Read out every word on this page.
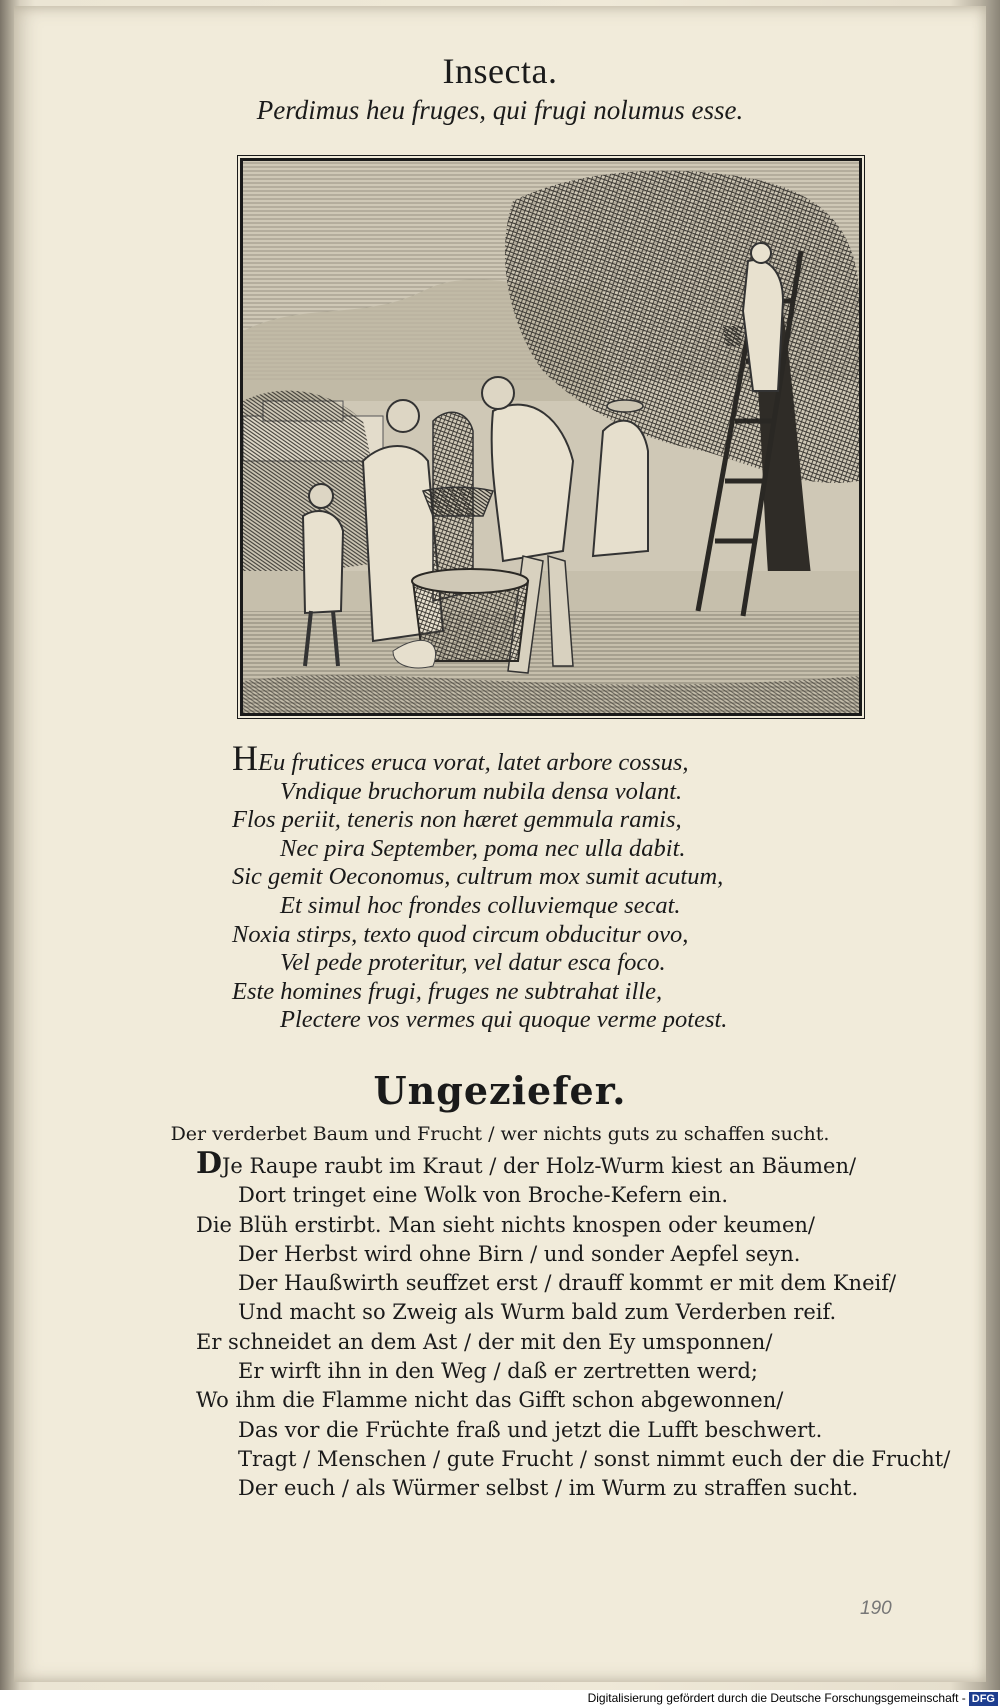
Insecta.
Perdimus heu fruges, qui frugi nolumus esse.
HEu frutices eruca vorat, latet arbore cossus,
Vndique bruchorum nubila densa volant.
Flos periit, teneris non hæret gemmula ramis,
Nec pira September, poma nec ulla dabit.
Sic gemit Oeconomus, cultrum mox sumit acutum,
Et simul hoc frondes colluviemque secat.
Noxia stirps, texto quod circum obducitur ovo,
Vel pede proteritur, vel datur esca foco.
Este homines frugi, fruges ne subtrahat ille,
Plectere vos vermes qui quoque verme potest.
Ungeziefer.
Der verderbet Baum und Frucht / wer nichts guts zu schaffen sucht.
DJe Raupe raubt im Kraut / der Holz-Wurm kiest an Bäumen/
Dort tringet eine Wolk von Broche-Kefern ein.
Die Blüh erstirbt. Man sieht nichts knospen oder keumen/
Der Herbst wird ohne Birn / und sonder Aepfel seyn.
Der Haußwirth seuffzet erst / drauff kommt er mit dem Kneif/
Und macht so Zweig als Wurm bald zum Verderben reif.
Er schneidet an dem Ast / der mit den Ey umsponnen/
Er wirft ihn in den Weg / daß er zertretten werd;
Wo ihm die Flamme nicht das Gifft schon abgewonnen/
Das vor die Früchte fraß und jetzt die Lufft beschwert.
Tragt / Menschen / gute Frucht / sonst nimmt euch der die Frucht/
Der euch / als Würmer selbst / im Wurm zu straffen sucht.
190
Digitalisierung gefördert durch die Deutsche Forschungsgemeinschaft - DFG
